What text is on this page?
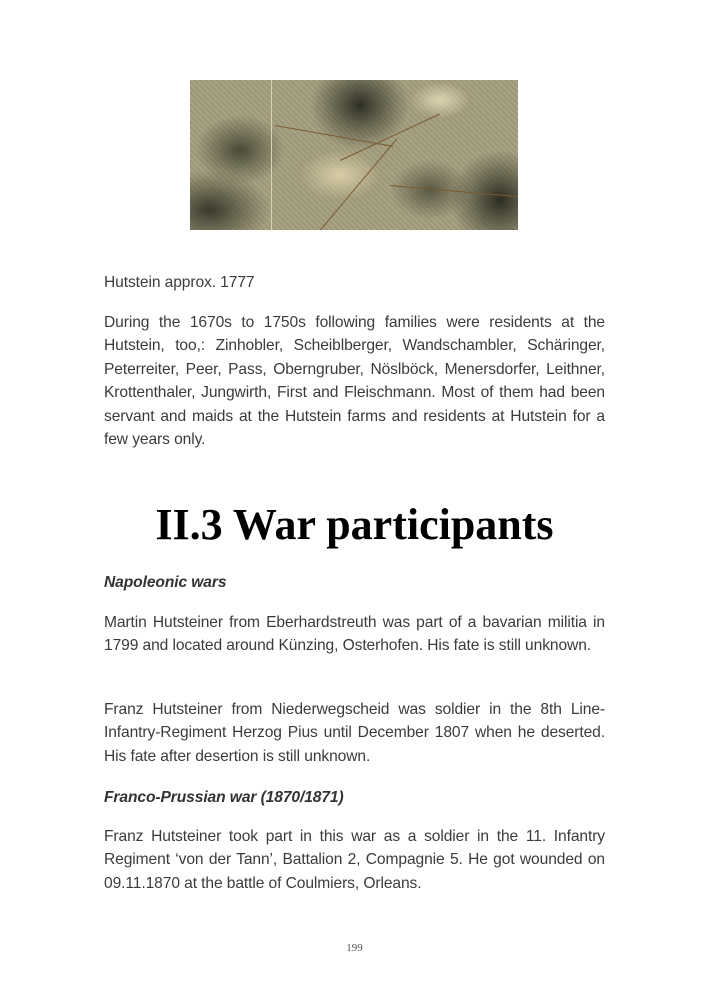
Hutstein approx. 1777

During the 1670s to 1750s following families were residents at the Hutstein, too,: Zinhobler, Scheiblberger, Wandschambler, Schäringer, Peterreiter, Peer, Pass, Oberngruber, Nöslböck, Menersdorfer, Leithner, Krottenthaler, Jungwirth, First and Fleischmann. Most of them had been servant and maids at the Hutstein farms and residents at Hutstein for a few years only.

II.3 War participants

Napoleonic wars

Martin Hutsteiner from Eberhardstreuth was part of a bavarian militia in 1799 and located around Künzing, Osterhofen. His fate is still unknown.

Franz Hutsteiner from Niederwegscheid was soldier in the 8th Line-Infantry-Regiment Herzog Pius until December 1807 when he deserted. His fate after desertion is still unknown.

Franco-Prussian war (1870/1871)

Franz Hutsteiner took part in this war as a soldier in the 11. Infantry Regiment ‘von der Tann’, Battalion 2, Compagnie 5. He got wounded on 09.11.1870 at the battle of Coulmiers, Orleans.

199
